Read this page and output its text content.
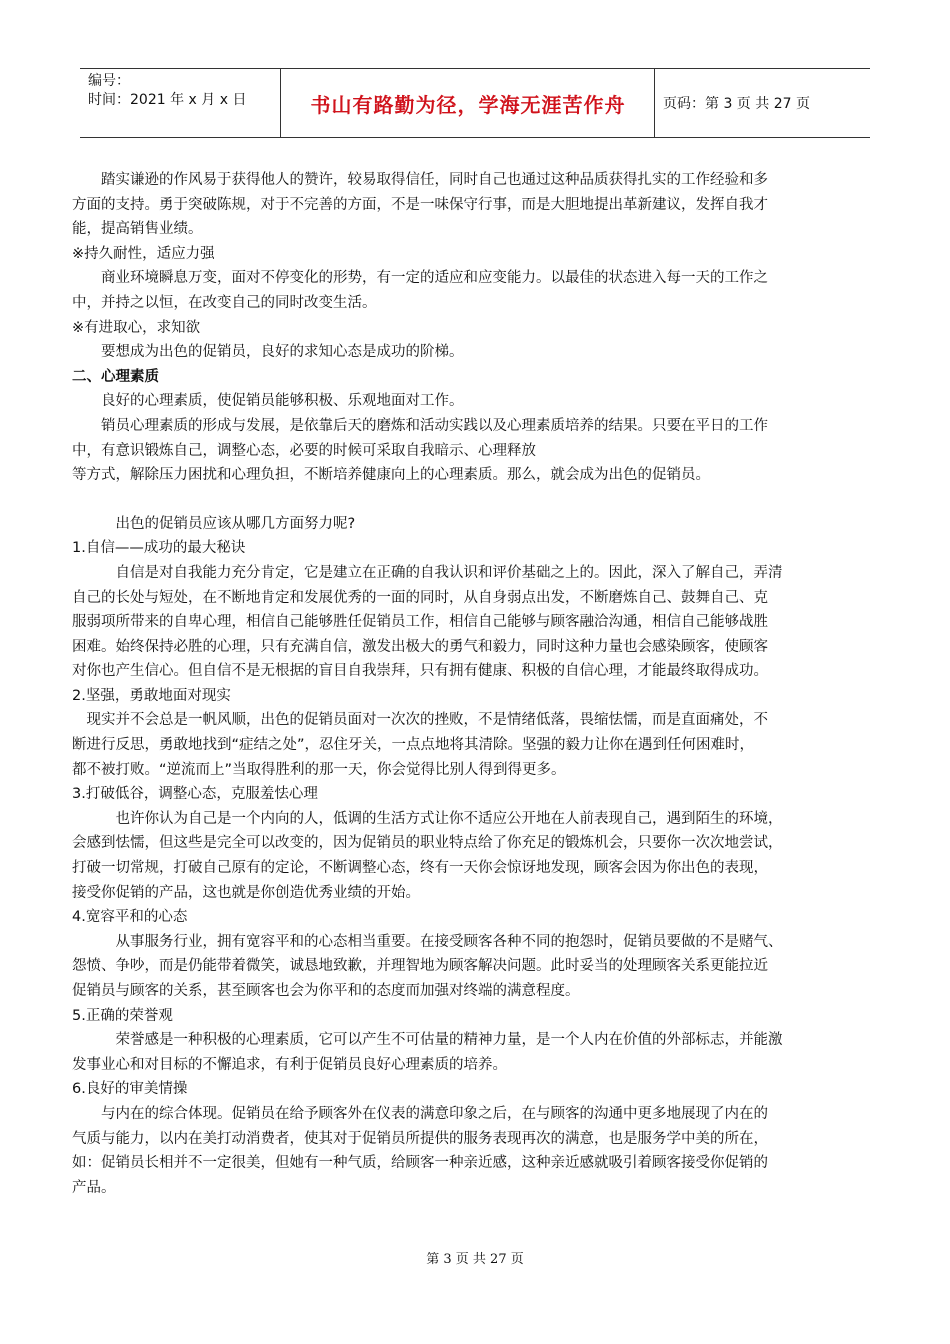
编号：
时间：2021 年 x 月 x 日	书山有路勤为径，学海无涯苦作舟	页码：第 3 页 共 27 页

　　踏实谦逊的作风易于获得他人的赞许，较易取得信任，同时自己也通过这种品质获得扎实的工作经验和多

方面的支持。勇于突破陈规，对于不完善的方面，不是一味保守行事，而是大胆地提出革新建议，发挥自我才

能，提高销售业绩。

※持久耐性，适应力强

　　商业环境瞬息万变，面对不停变化的形势，有一定的适应和应变能力。以最佳的状态进入每一天的工作之

中，并持之以恒，在改变自己的同时改变生活。

※有进取心，求知欲

　　要想成为出色的促销员，良好的求知心态是成功的阶梯。

二、心理素质

　　良好的心理素质，使促销员能够积极、乐观地面对工作。

　　销员心理素质的形成与发展，是依靠后天的磨炼和活动实践以及心理素质培养的结果。只要在平日的工作

中，有意识锻炼自己，调整心态，必要的时候可采取自我暗示、心理释放

等方式，解除压力困扰和心理负担，不断培养健康向上的心理素质。那么，就会成为出色的促销员。

　　　出色的促销员应该从哪几方面努力呢?

1.自信——成功的最大秘诀

　　　自信是对自我能力充分肯定，它是建立在正确的自我认识和评价基础之上的。因此，深入了解自己，弄清

自己的长处与短处，在不断地肯定和发展优秀的一面的同时，从自身弱点出发，不断磨炼自己、鼓舞自己、克

服弱项所带来的自卑心理，相信自己能够胜任促销员工作，相信自己能够与顾客融洽沟通，相信自己能够战胜

困难。始终保持必胜的心理，只有充满自信，激发出极大的勇气和毅力，同时这种力量也会感染顾客，使顾客

对你也产生信心。但自信不是无根据的盲目自我崇拜，只有拥有健康、积极的自信心理，才能最终取得成功。

2.坚强，勇敢地面对现实

　现实并不会总是一帆风顺，出色的促销员面对一次次的挫败，不是情绪低落，畏缩怯懦，而是直面痛处，不

断进行反思，勇敢地找到“症结之处”，忍住牙关，一点点地将其清除。坚强的毅力让你在遇到任何困难时，

都不被打败。“逆流而上”当取得胜利的那一天，你会觉得比别人得到得更多。

3.打破低谷，调整心态，克服羞怯心理

　　　也许你认为自己是一个内向的人，低调的生活方式让你不适应公开地在人前表现自己，遇到陌生的环境，

会感到怯懦，但这些是完全可以改变的，因为促销员的职业特点给了你充足的锻炼机会，只要你一次次地尝试，

打破一切常规，打破自己原有的定论，不断调整心态，终有一天你会惊讶地发现，顾客会因为你出色的表现，

接受你促销的产品，这也就是你创造优秀业绩的开始。

4.宽容平和的心态

　　　从事服务行业，拥有宽容平和的心态相当重要。在接受顾客各种不同的抱怨时，促销员要做的不是赌气、

怨愤、争吵，而是仍能带着微笑，诚恳地致歉，并理智地为顾客解决问题。此时妥当的处理顾客关系更能拉近

促销员与顾客的关系，甚至顾客也会为你平和的态度而加强对终端的满意程度。

5.正确的荣誉观

　　　荣誉感是一种积极的心理素质，它可以产生不可估量的精神力量，是一个人内在价值的外部标志，并能激

发事业心和对目标的不懈追求，有利于促销员良好心理素质的培养。

6.良好的审美情操

　　与内在的综合体现。促销员在给予顾客外在仪表的满意印象之后，在与顾客的沟通中更多地展现了内在的

气质与能力，以内在美打动消费者，使其对于促销员所提供的服务表现再次的满意，也是服务学中美的所在，

如：促销员长相并不一定很美，但她有一种气质，给顾客一种亲近感，这种亲近感就吸引着顾客接受你促销的

产品。

第 3 页 共 27 页
